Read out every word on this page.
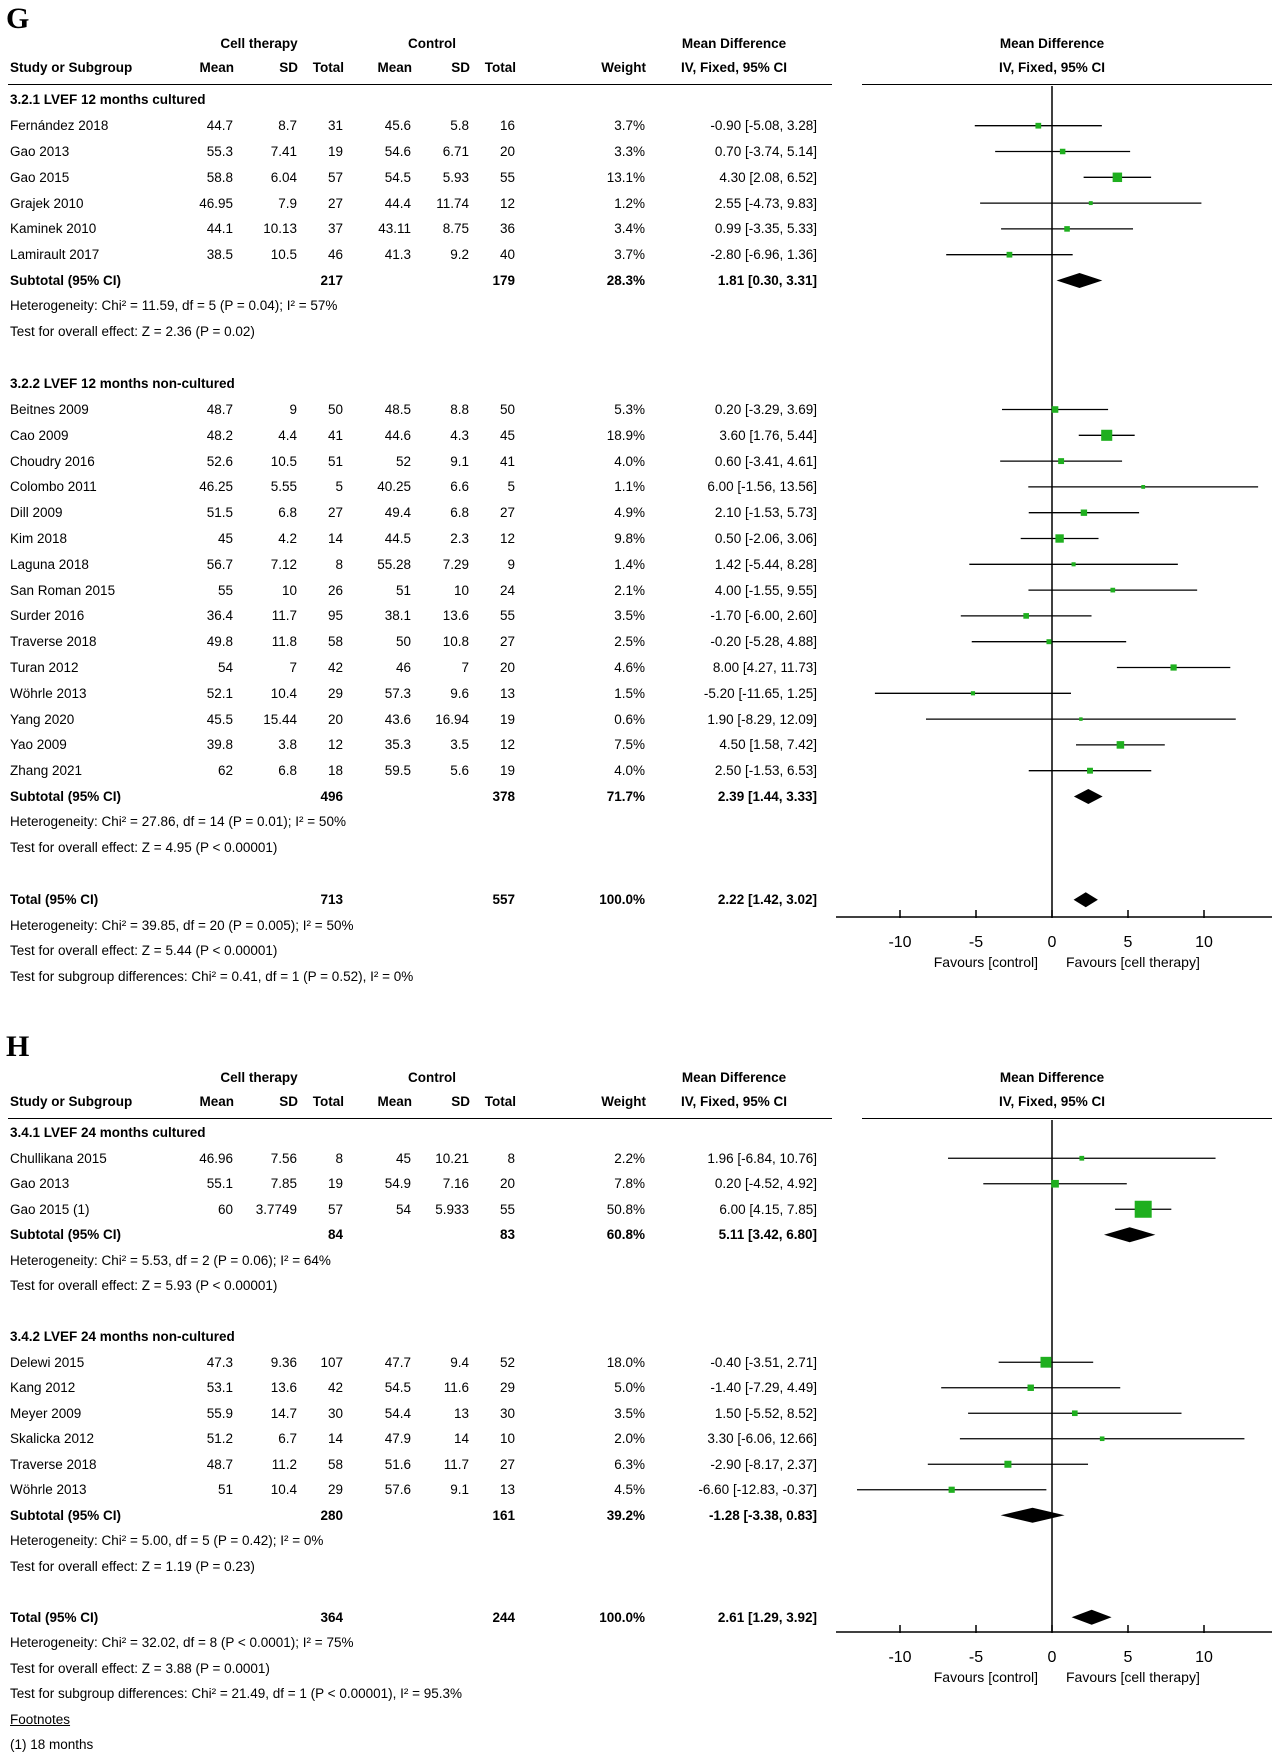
G
Cell therapy	Control	Mean Difference	Mean Difference
Study or Subgroup	Mean	SD	Total	Mean	SD	Total	Weight	IV, Fixed, 95% CI	IV, Fixed, 95% CI
3.2.1 LVEF 12 months cultured
Fernández 2018	44.7	8.7	31	45.6	5.8	16	3.7%	-0.90 [-5.08, 3.28]
Gao 2013	55.3	7.41	19	54.6	6.71	20	3.3%	0.70 [-3.74, 5.14]
Gao 2015	58.8	6.04	57	54.5	5.93	55	13.1%	4.30 [2.08, 6.52]
Grajek 2010	46.95	7.9	27	44.4	11.74	12	1.2%	2.55 [-4.73, 9.83]
Kaminek 2010	44.1	10.13	37	43.11	8.75	36	3.4%	0.99 [-3.35, 5.33]
Lamirault 2017	38.5	10.5	46	41.3	9.2	40	3.7%	-2.80 [-6.96, 1.36]
Subtotal (95% CI)	217	179	28.3%	1.81 [0.30, 3.31]
Heterogeneity: Chi² = 11.59, df = 5 (P = 0.04); I² = 57%
Test for overall effect: Z = 2.36 (P = 0.02)
3.2.2 LVEF 12 months non-cultured
Beitnes 2009	48.7	9	50	48.5	8.8	50	5.3%	0.20 [-3.29, 3.69]
Cao 2009	48.2	4.4	41	44.6	4.3	45	18.9%	3.60 [1.76, 5.44]
Choudry 2016	52.6	10.5	51	52	9.1	41	4.0%	0.60 [-3.41, 4.61]
Colombo 2011	46.25	5.55	5	40.25	6.6	5	1.1%	6.00 [-1.56, 13.56]
Dill 2009	51.5	6.8	27	49.4	6.8	27	4.9%	2.10 [-1.53, 5.73]
Kim 2018	45	4.2	14	44.5	2.3	12	9.8%	0.50 [-2.06, 3.06]
Laguna 2018	56.7	7.12	8	55.28	7.29	9	1.4%	1.42 [-5.44, 8.28]
San Roman 2015	55	10	26	51	10	24	2.1%	4.00 [-1.55, 9.55]
Surder 2016	36.4	11.7	95	38.1	13.6	55	3.5%	-1.70 [-6.00, 2.60]
Traverse 2018	49.8	11.8	58	50	10.8	27	2.5%	-0.20 [-5.28, 4.88]
Turan 2012	54	7	42	46	7	20	4.6%	8.00 [4.27, 11.73]
Wöhrle 2013	52.1	10.4	29	57.3	9.6	13	1.5%	-5.20 [-11.65, 1.25]
Yang 2020	45.5	15.44	20	43.6	16.94	19	0.6%	1.90 [-8.29, 12.09]
Yao 2009	39.8	3.8	12	35.3	3.5	12	7.5%	4.50 [1.58, 7.42]
Zhang 2021	62	6.8	18	59.5	5.6	19	4.0%	2.50 [-1.53, 6.53]
Subtotal (95% CI)	496	378	71.7%	2.39 [1.44, 3.33]
Heterogeneity: Chi² = 27.86, df = 14 (P = 0.01); I² = 50%
Test for overall effect: Z = 4.95 (P < 0.00001)
Total (95% CI)	713	557	100.0%	2.22 [1.42, 3.02]
Heterogeneity: Chi² = 39.85, df = 20 (P = 0.005); I² = 50%
Test for overall effect: Z = 5.44 (P < 0.00001)
Test for subgroup differences: Chi² = 0.41, df = 1 (P = 0.52), I² = 0%
-10	-5	0	5	10
Favours [control] Favours [cell therapy]
H
Cell therapy	Control	Mean Difference	Mean Difference
Study or Subgroup	Mean	SD	Total	Mean	SD	Total	Weight	IV, Fixed, 95% CI	IV, Fixed, 95% CI
3.4.1 LVEF 24 months cultured
Chullikana 2015	46.96	7.56	8	45	10.21	8	2.2%	1.96 [-6.84, 10.76]
Gao 2013	55.1	7.85	19	54.9	7.16	20	7.8%	0.20 [-4.52, 4.92]
Gao 2015 (1)	60	3.7749	57	54	5.933	55	50.8%	6.00 [4.15, 7.85]
Subtotal (95% CI)	84	83	60.8%	5.11 [3.42, 6.80]
Heterogeneity: Chi² = 5.53, df = 2 (P = 0.06); I² = 64%
Test for overall effect: Z = 5.93 (P < 0.00001)
3.4.2 LVEF 24 months non-cultured
Delewi 2015	47.3	9.36	107	47.7	9.4	52	18.0%	-0.40 [-3.51, 2.71]
Kang 2012	53.1	13.6	42	54.5	11.6	29	5.0%	-1.40 [-7.29, 4.49]
Meyer 2009	55.9	14.7	30	54.4	13	30	3.5%	1.50 [-5.52, 8.52]
Skalicka 2012	51.2	6.7	14	47.9	14	10	2.0%	3.30 [-6.06, 12.66]
Traverse 2018	48.7	11.2	58	51.6	11.7	27	6.3%	-2.90 [-8.17, 2.37]
Wöhrle 2013	51	10.4	29	57.6	9.1	13	4.5%	-6.60 [-12.83, -0.37]
Subtotal (95% CI)	280	161	39.2%	-1.28 [-3.38, 0.83]
Heterogeneity: Chi² = 5.00, df = 5 (P = 0.42); I² = 0%
Test for overall effect: Z = 1.19 (P = 0.23)
Total (95% CI)	364	244	100.0%	2.61 [1.29, 3.92]
Heterogeneity: Chi² = 32.02, df = 8 (P < 0.0001); I² = 75%
Test for overall effect: Z = 3.88 (P = 0.0001)
Test for subgroup differences: Chi² = 21.49, df = 1 (P < 0.00001), I² = 95.3%
Footnotes
(1) 18 months
-10	-5	0	5	10
Favours [control] Favours [cell therapy]
